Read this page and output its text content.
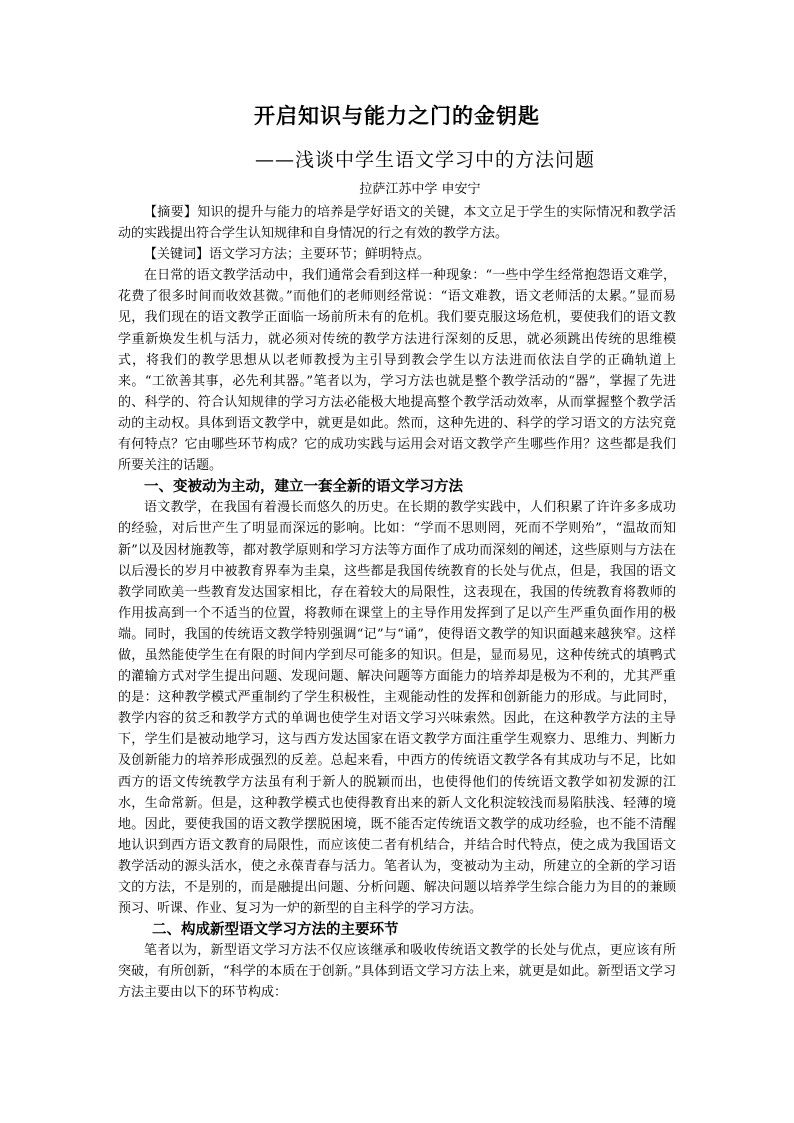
开启知识与能力之门的金钥匙
——浅谈中学生语文学习中的方法问题
拉萨江苏中学 申安宁

【摘要】知识的提升与能力的培养是学好语文的关键，本文立足于学生的实际情况和教学活动的实践提出符合学生认知规律和自身情况的行之有效的教学方法。

【关键词】语文学习方法；主要环节；鲜明特点。

在日常的语文教学活动中，我们通常会看到这样一种现象：“一些中学生经常抱怨语文难学，花费了很多时间而收效甚微。”而他们的老师则经常说：“语文难教，语文老师活的太累。”显而易见，我们现在的语文教学正面临一场前所未有的危机。我们要克服这场危机，要使我们的语文教学重新焕发生机与活力，就必须对传统的教学方法进行深刻的反思，就必须跳出传统的思维模式，将我们的教学思想从以老师教授为主引导到教会学生以方法进而依法自学的正确轨道上来。“工欲善其事，必先利其器。”笔者以为，学习方法也就是整个教学活动的“器”，掌握了先进的、科学的、符合认知规律的学习方法必能极大地提高整个教学活动效率，从而掌握整个教学活动的主动权。具体到语文教学中，就更是如此。然而，这种先进的、科学的学习语文的方法究竟有何特点？它由哪些环节构成？它的成功实践与运用会对语文教学产生哪些作用？这些都是我们所要关注的话题。

一、变被动为主动，建立一套全新的语文学习方法

语文教学，在我国有着漫长而悠久的历史。在长期的教学实践中，人们积累了许许多多成功的经验，对后世产生了明显而深远的影响。比如：“学而不思则罔，死而不学则殆”，“温故而知新”以及因材施教等，都对教学原则和学习方法等方面作了成功而深刻的阐述，这些原则与方法在以后漫长的岁月中被教育界奉为圭臬，这些都是我国传统教育的长处与优点，但是，我国的语文教学同欧美一些教育发达国家相比，存在着较大的局限性，这表现在，我国的传统教育将教师的作用拔高到一个不适当的位置，将教师在课堂上的主导作用发挥到了足以产生严重负面作用的极端。同时，我国的传统语文教学特别强调“记”与“诵”，使得语文教学的知识面越来越狭窄。这样做，虽然能使学生在有限的时间内学到尽可能多的知识。但是，显而易见，这种传统式的填鸭式的灌输方式对学生提出问题、发现问题、解决问题等方面能力的培养却是极为不利的，尤其严重的是：这种教学模式严重制约了学生积极性，主观能动性的发挥和创新能力的形成。与此同时，教学内容的贫乏和教学方式的单调也使学生对语文学习兴味索然。因此，在这种教学方法的主导下，学生们是被动地学习，这与西方发达国家在语文教学方面注重学生观察力、思维力、判断力及创新能力的培养形成强烈的反差。总起来看，中西方的传统语文教学各有其成功与不足，比如西方的语文传统教学方法虽有利于新人的脱颖而出，也使得他们的传统语文教学如初发源的江水，生命常新。但是，这种教学模式也使得教育出来的新人文化积淀较浅而易陷肤浅、轻薄的境地。因此，要使我国的语文教学摆脱困境，既不能否定传统语文教学的成功经验，也不能不清醒地认识到西方语文教育的局限性，而应该使二者有机结合，并结合时代特点，使之成为我国语文教学活动的源头活水，使之永葆青春与活力。笔者认为，变被动为主动，所建立的全新的学习语文的方法，不是别的，而是融提出问题、分析问题、解决问题以培养学生综合能力为目的的兼顾预习、听课、作业、复习为一炉的新型的自主科学的学习方法。

二、构成新型语文学习方法的主要环节

笔者以为，新型语文学习方法不仅应该继承和吸收传统语文教学的长处与优点，更应该有所突破，有所创新，“科学的本质在于创新。”具体到语文学习方法上来，就更是如此。新型语文学习方法主要由以下的环节构成：
